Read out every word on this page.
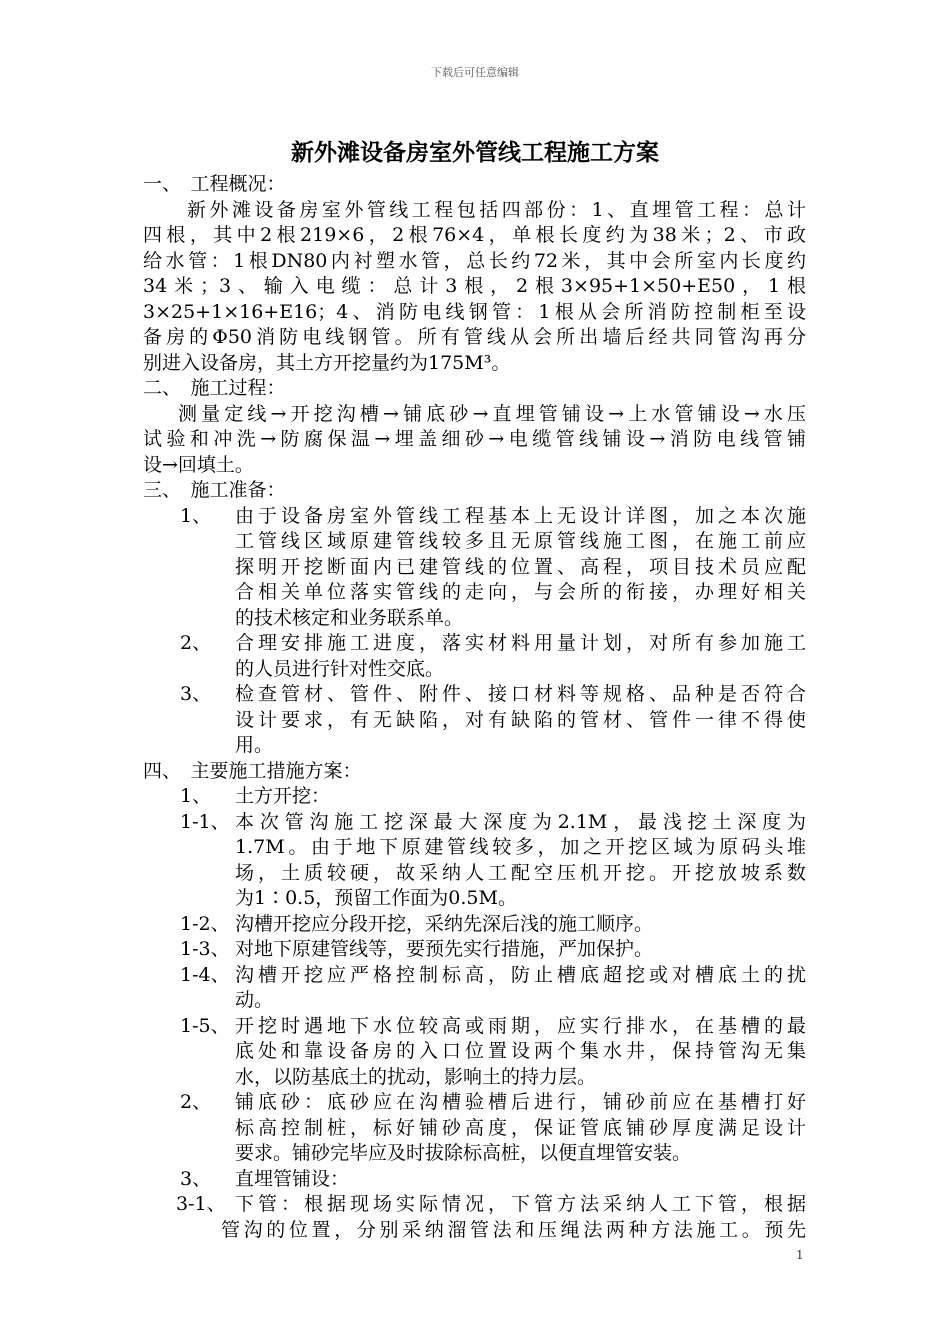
下载后可任意编辑
新外滩设备房室外管线工程施工方案
一、　工程概况：
新外滩设备房室外管线工程包括四部份：1、直埋管工程：总计
四根，其中2根219×6，2根76×4，单根长度约为38米；2、市政
给水管：1根DN80内衬塑水管，总长约72米，其中会所室内长度约
34米；3、输入电缆：总计3根，2根3×95+1×50+E50，1根
3×25+1×16+E16；4、消防电线钢管：1根从会所消防控制柜至设
备房的Φ50消防电线钢管。所有管线从会所出墙后经共同管沟再分
别进入设备房，其土方开挖量约为175M³。
二、　施工过程：
测量定线→开挖沟槽→铺底砂→直埋管铺设→上水管铺设→水压
试验和冲洗→防腐保温→埋盖细砂→电缆管线铺设→消防电线管铺
设→回填土。
三、　施工准备：
1、 由于设备房室外管线工程基本上无设计详图，加之本次施
工管线区域原建管线较多且无原管线施工图，在施工前应
探明开挖断面内已建管线的位置、高程，项目技术员应配
合相关单位落实管线的走向，与会所的衔接，办理好相关
的技术核定和业务联系单。
2、 合理安排施工进度，落实材料用量计划，对所有参加施工
的人员进行针对性交底。
3、 检查管材、管件、附件、接口材料等规格、品种是否符合
设计要求，有无缺陷，对有缺陷的管材、管件一律不得使
用。
四、　主要施工措施方案：
1、 土方开挖：
1-1、 本次管沟施工挖深最大深度为2.1M，最浅挖土深度为
1.7M。由于地下原建管线较多，加之开挖区域为原码头堆
场，土质较硬，故采纳人工配空压机开挖。开挖放坡系数
为1∶0.5，预留工作面为0.5M。
1-2、 沟槽开挖应分段开挖，采纳先深后浅的施工顺序。
1-3、 对地下原建管线等，要预先实行措施，严加保护。
1-4、 沟槽开挖应严格控制标高，防止槽底超挖或对槽底土的扰
动。
1-5、 开挖时遇地下水位较高或雨期，应实行排水，在基槽的最
底处和靠设备房的入口位置设两个集水井，保持管沟无集
水，以防基底土的扰动，影响土的持力层。
2、 铺底砂：底砂应在沟槽验槽后进行，铺砂前应在基槽打好
标高控制桩，标好铺砂高度，保证管底铺砂厚度满足设计
要求。铺砂完毕应及时拔除标高桩，以便直埋管安装。
3、 直埋管铺设：
3-1、 下管：根据现场实际情况，下管方法采纳人工下管，根据
管沟的位置，分别采纳溜管法和压绳法两种方法施工。预先
1
